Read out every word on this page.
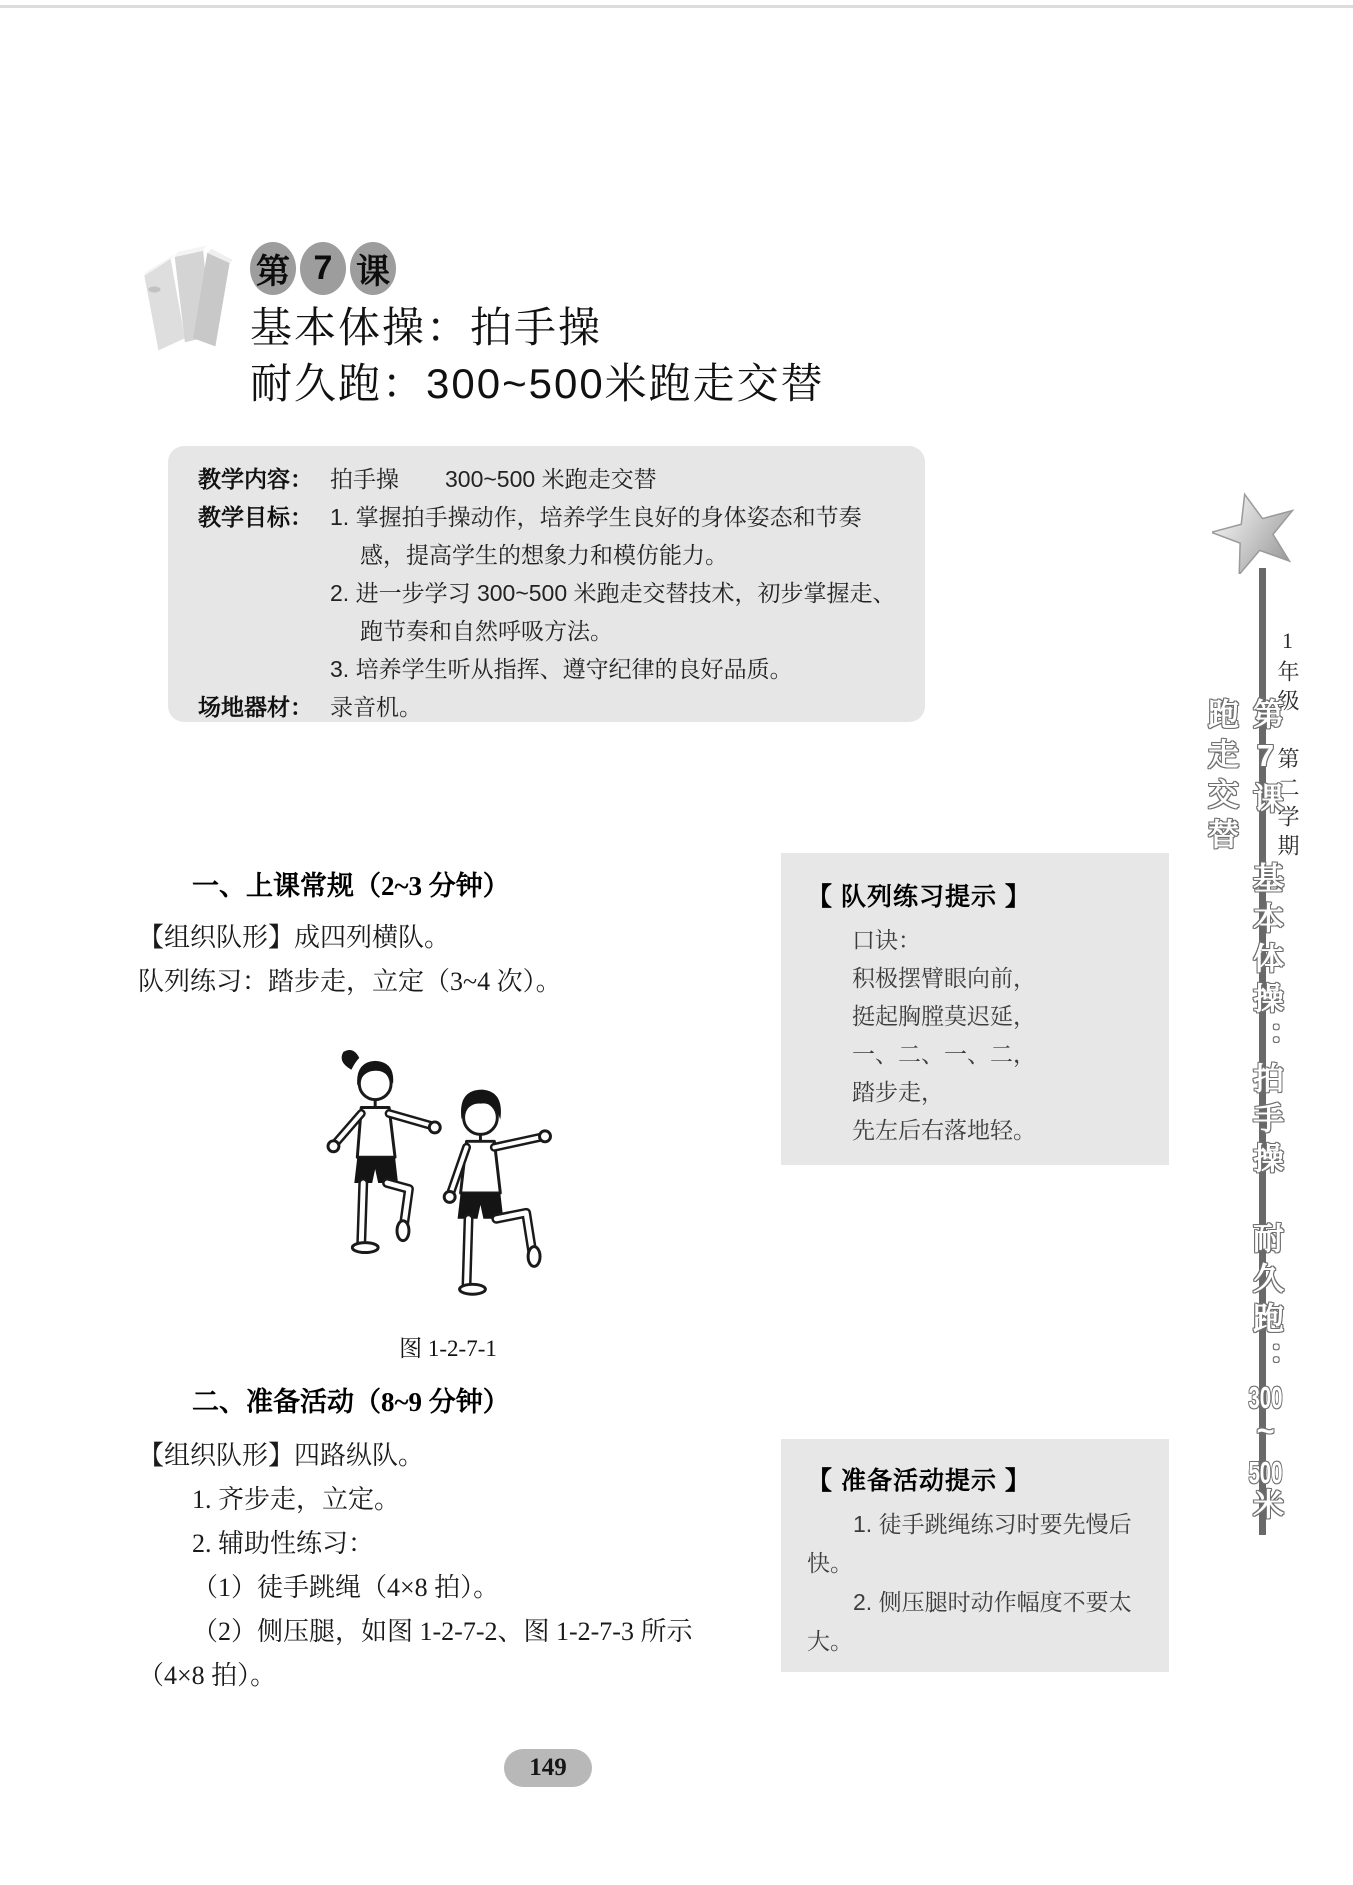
第 7 课
基本体操：拍手操
耐久跑：300~500米跑走交替
教学内容： 拍手操　　300~500 米跑走交替
教学目标： 1. 掌握拍手操动作，培养学生良好的身体姿态和节奏感，提高学生的想象力和模仿能力。

2. 进一步学习 300~500 米跑走交替技术，初步掌握走、跑节奏和自然呼吸方法。

3. 培养学生听从指挥、遵守纪律的良好品质。

场地器材： 录音机。	1年级　第二学期
第7课　基本体操：拍手操　耐久跑：300~500米跑走交替
一、上课常规（2~3 分钟）

【组织队形】成四列横队。

队列练习：踏步走，立定（3~4 次）。

二、准备活动（8~9 分钟）

【组织队形】四路纵队。

1. 齐步走，立定。

2. 辅助性练习：

（1）徒手跳绳（4×8 拍）。

（2）侧压腿，如图 1-2-7-2、图 1-2-7-3 所示（4×8 拍）。

图 1-2-7-1

【 队列练习提示 】

口诀：

积极摆臂眼向前，

挺起胸膛莫迟延，

一、二、一、二，

踏步走，

先左后右落地轻。

【 准备活动提示 】

1. 徒手跳绳练习时要先慢后快。

2. 侧压腿时动作幅度不要太大。

149
